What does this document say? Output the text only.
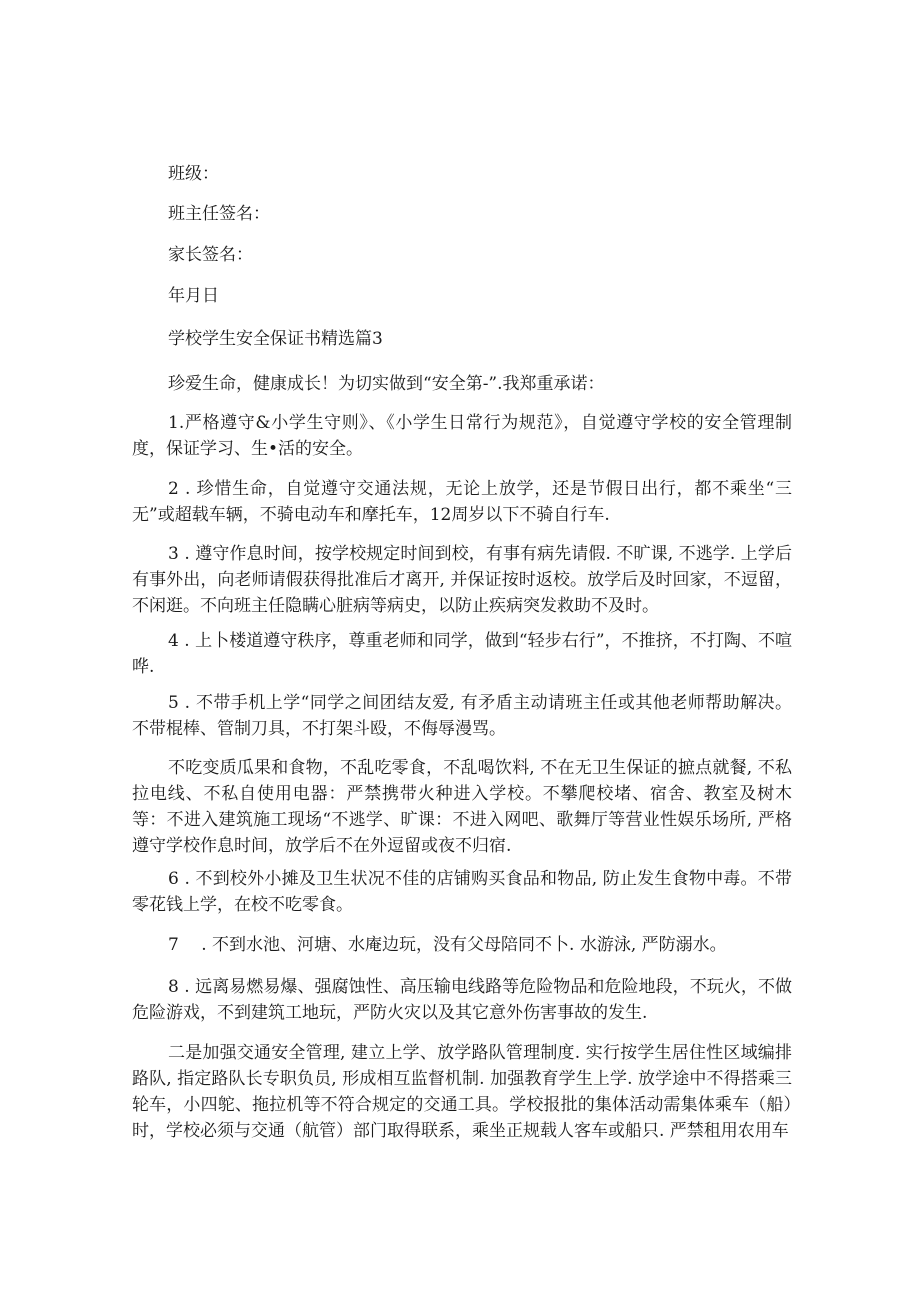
班级：
班主任签名：
家长签名：
年月日
学校学生安全保证书精选篇3
珍爱生命，健康成长！为切实做到“安全第-”.我郑重承诺：
1.严格遵守&小学生守则》、《小学生日常行为规范》，自觉遵守学校的安全管理制度，保证学习、生•活的安全。
2 . 珍惜生命，自觉遵守交通法规，无论上放学，还是节假日出行，都不乘坐“三无”或超载车辆，不骑电动车和摩托车，12周岁以下不骑自行车.
3 . 遵守作息时间，按学校规定时间到校，有事有病先请假. 不旷课, 不逃学. 上学后有事外出，向老师请假获得批准后才离开, 并保证按时返校。放学后及时回家，不逗留，不闲逛。不向班主任隐瞒心脏病等病史，以防止疾病突发救助不及时。
4 . 上卜楼道遵守秩序，尊重老师和同学，做到“轻步右行”，不推挤，不打陶、不喧哗.
5 . 不带手机上学“同学之间团结友爱, 有矛盾主动请班主任或其他老师帮助解决。不带棍棒、管制刀具，不打架斗殴，不侮辱漫骂。
不吃变质瓜果和食物，不乱吃零食，不乱喝饮料, 不在无卫生保证的摭点就餐, 不私拉电线、不私自使用电器：严禁携带火种进入学校。不攀爬校堵、宿舍、教室及树木等：不进入建筑施工现场“不逃学、旷课：不进入网吧、歌舞厅等营业性娱乐场所, 严格遵守学校作息时间，放学后不在外逗留或夜不归宿.
6 . 不到校外小摊及卫生状况不佳的店铺购买食品和物品, 防止发生食物中毒。不带零花钱上学，在校不吃零食。
7 　. 不到水池、河塘、水庵边玩，没有父母陪同不卜. 水游泳, 严防溺水。
8 . 远离易燃易爆、强腐蚀性、高压输电线路等危险物品和危险地段，不玩火，不做危险游戏，不到建筑工地玩，严防火灾以及其它意外伤害事故的发生.
二是加强交通安全管理, 建立上学、放学路队管理制度. 实行按学生居住性区域编排路队, 指定路队长专职负员, 形成相互监督机制. 加强教育学生上学. 放学途中不得搭乘三轮车，小四鸵、拖拉机等不符合规定的交通工具。学校报批的集体活动需集体乘车（船）时，学校必须与交通（航管）部门取得联系，乘坐正规载人客车或船只. 严禁租用农用车
